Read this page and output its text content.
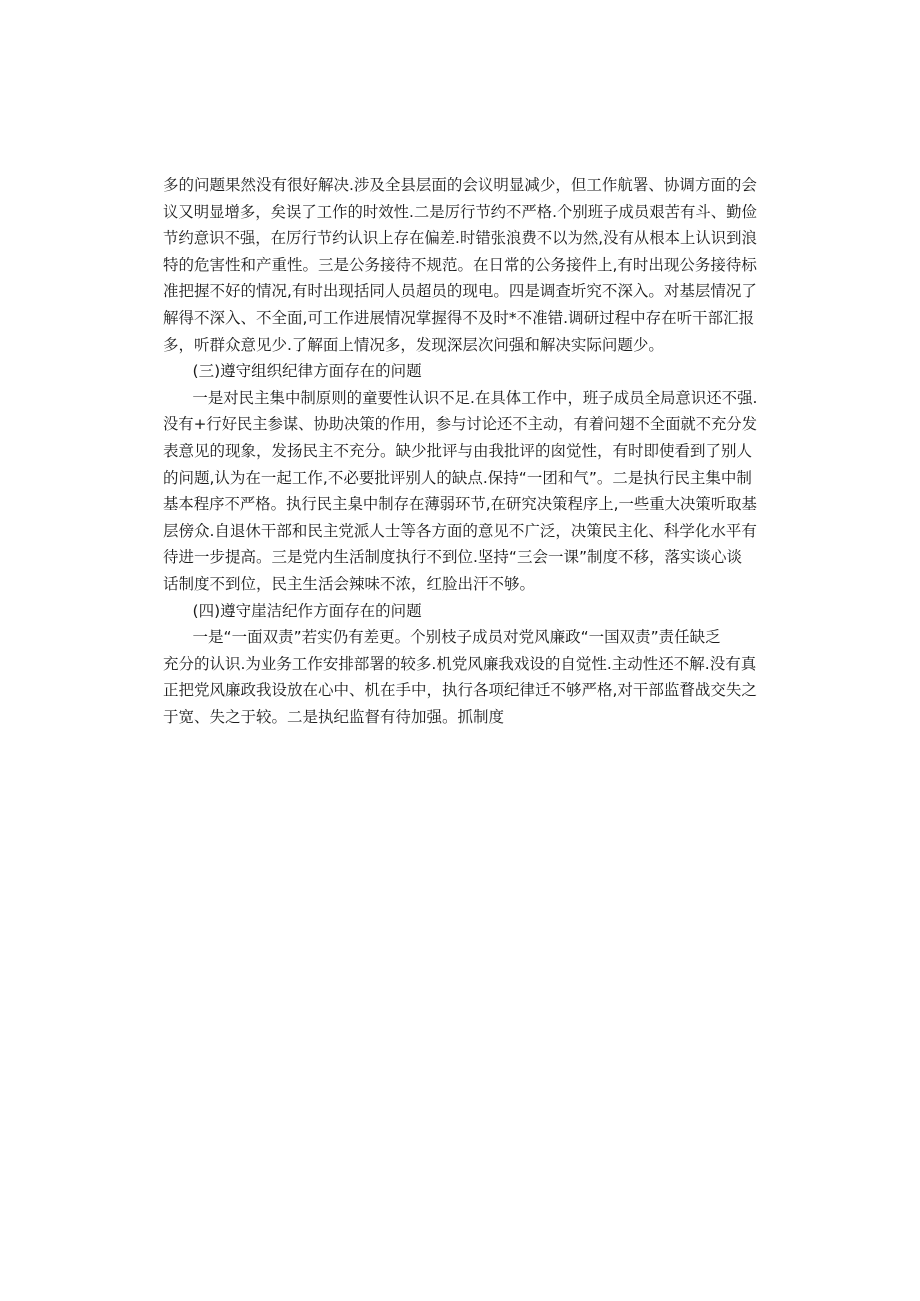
多的问题果然没有很好解决.涉及全县层面的会议明显减少，但工作航署、协调方面的会
议又明显增多，矣误了工作的时效性.二是厉行节约不严格.个别班子成员艰苦有斗、勤俭
节约意识不强，在厉行节约认识上存在偏差.时错张浪费不以为然,没有从根本上认识到浪
特的危害性和产重性。三是公务接待不规范。在日常的公务接件上,有时出现公务接待标
准把握不好的情况,有时出现括同人员超员的现电。四是调查圻究不深入。对基层情况了
解得不深入、不全面,可工作进展情况掌握得不及时*不准错.调研过程中存在听干部汇报
多，听群众意见少.了解面上情况多，发现深层次问强和解决实际问题少。
(三)遵守组织纪律方面存在的问题
一是对民主集中制原则的童要性认识不足.在具体工作中，班子成员全局意识还不强.
没有+行好民主参谋、协助决策的作用，参与讨论还不主动，有着问翅不全面就不充分发
表意见的现象，发扬民主不充分。缺少批评与由我批评的囱觉性，有时即使看到了别人
的问题,认为在一起工作,不必要批评别人的缺点.保持“一团和气”。二是执行民主集中制
基本程序不严格。执行民主臬中制存在薄弱环节,在研究决策程序上,一些重大决策听取基
层傍众.自退休干部和民主党派人士等各方面的意见不广泛，决策民主化、科学化水平有
待进一步提高。三是党内生活制度执行不到位.坚持“三会一课”制度不移，落实谈心谈
话制度不到位，民主生活会辣味不浓，红脸出汗不够。
(四)遵守崖洁纪作方面存在的问题
一是“一面双责”若实仍有差更。个别枝子成员对党风廉政“一国双责”责任缺乏
充分的认识.为业务工作安排部署的较多.机党风廉我戏设的自觉性.主动性还不解.没有真
正把党风廉政我设放在心中、机在手中，执行各项纪律迁不够严格,对干部监瞀战交失之
于宽、失之于较。二是执纪监督有待加强。抓制度
